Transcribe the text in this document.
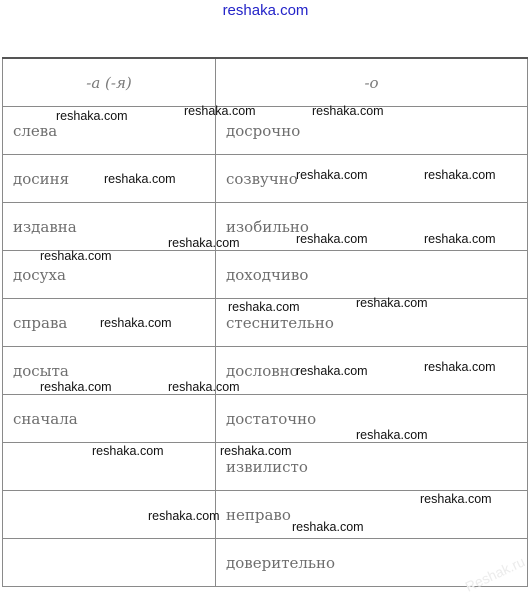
reshaka.com
-а (-я)	-о
слева	досрочно
досиня	созвучно
издавна	изобильно
досуха	доходчиво
справа	стеснительно
досыта	дословно
сначала	достаточно
	извилисто
	неправо
	доверительно
reshaka.com	reshaka.com	reshaka.com
reshaka.com	reshaka.com	reshaka.com
reshaka.com	reshaka.com	reshaka.com
reshaka.com
reshaka.com	reshaka.com
reshaka.com
reshaka.com	reshaka.com
reshaka.com	reshaka.com
reshaka.com
reshaka.com	reshaka.com
reshaka.com
reshaka.com
reshaka.com
Reshak.ru
